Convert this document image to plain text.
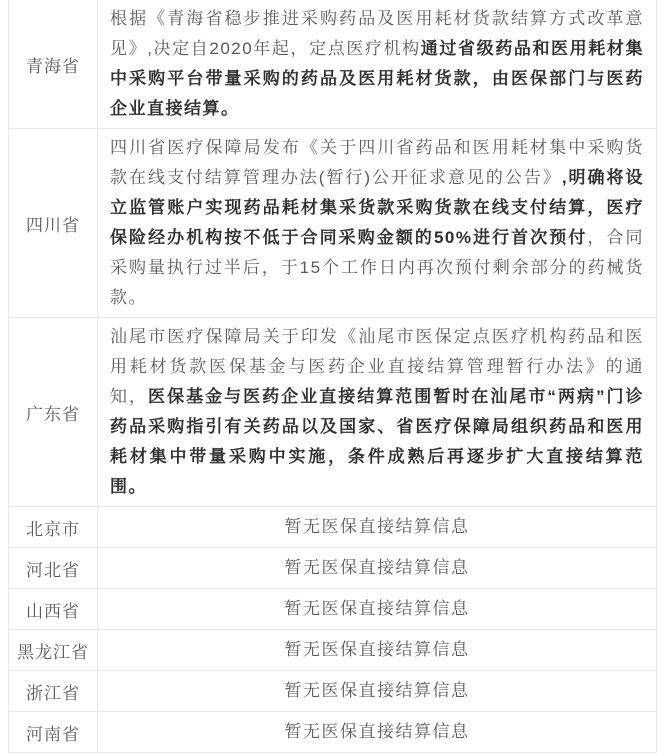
青海省	根据《青海省稳步推进采购药品及医用耗材货款结算方式改革意见》,决定自2020年起，定点医疗机构通过省级药品和医用耗材集中采购平台带量采购的药品及医用耗材货款，由医保部门与医药企业直接结算。
四川省	四川省医疗保障局发布《关于四川省药品和医用耗材集中采购货款在线支付结算管理办法(暂行)公开征求意见的公告》,明确将设立监管账户实现药品耗材集采货款采购货款在线支付结算，医疗保险经办机构按不低于合同采购金额的50%进行首次预付，合同采购量执行过半后，于15个工作日内再次预付剩余部分的药械货款。
广东省	汕尾市医疗保障局关于印发《汕尾市医保定点医疗机构药品和医用耗材货款医保基金与医药企业直接结算管理暂行办法》的通知，医保基金与医药企业直接结算范围暂时在汕尾市“两病”门诊药品采购指引有关药品以及国家、省医疗保障局组织药品和医用耗材集中带量采购中实施，条件成熟后再逐步扩大直接结算范围。
北京市	暂无医保直接结算信息
河北省	暂无医保直接结算信息
山西省	暂无医保直接结算信息
黑龙江省	暂无医保直接结算信息
浙江省	暂无医保直接结算信息
河南省	暂无医保直接结算信息
